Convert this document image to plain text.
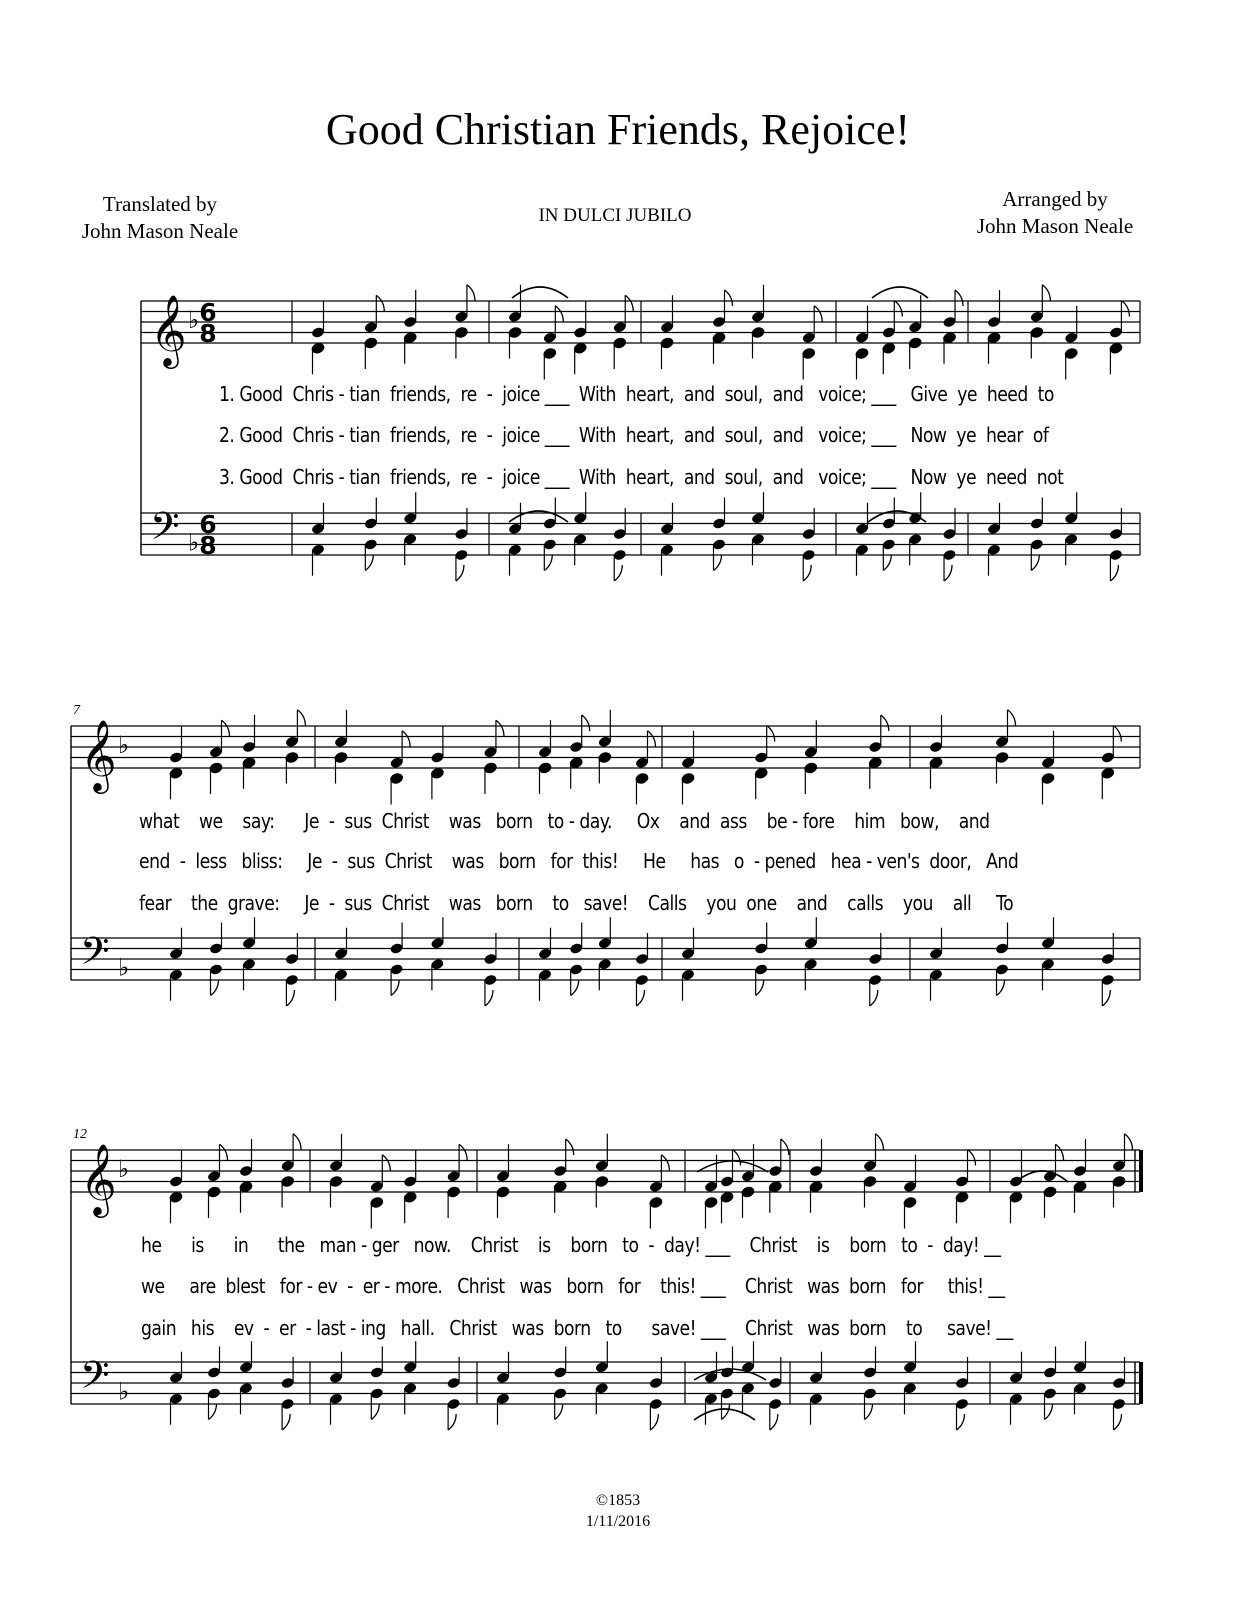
Good Christian Friends, Rejoice!
Translated by
John Mason Neale
IN DULCI JUBILO
Arranged by
John Mason Neale
𝄞
𝄢
♭
♭
6
8
6
8
𝄞
𝄢
♭
♭
7
𝄞
𝄢
♭
♭
12
1. Good  Chris - tian  friends,  re  -  joice ___  With  heart,  and  soul,  and   voice; ___   Give  ye  heed  to
2. Good  Chris - tian  friends,  re  -  joice ___  With  heart,  and  soul,  and   voice; ___   Now  ye  hear  of
3. Good  Chris - tian  friends,  re  -  joice ___  With  heart,  and  soul,  and   voice; ___   Now  ye  need  not
what    we    say:      Je  -  sus  Christ    was   born   to - day.     Ox    and  ass    be - fore    him   bow,    and
end  -  less   bliss:     Je  -  sus  Christ    was   born   for  this!     He     has   o  - pened   hea - ven's  door,   And
fear    the  grave:     Je  -  sus  Christ    was   born    to   save!    Calls    you  one    and    calls    you    all     To
he      is      in      the   man - ger   now.    Christ    is    born   to  -  day! ___    Christ    is    born   to  -  day! __
we     are  blest   for - ev  -  er - more.   Christ   was   born   for    this! ___    Christ   was  born   for     this! __
gain   his    ev  -  er  - last - ing   hall.   Christ   was  born   to      save! ___    Christ   was  born    to     save! __
©1853
1/11/2016
